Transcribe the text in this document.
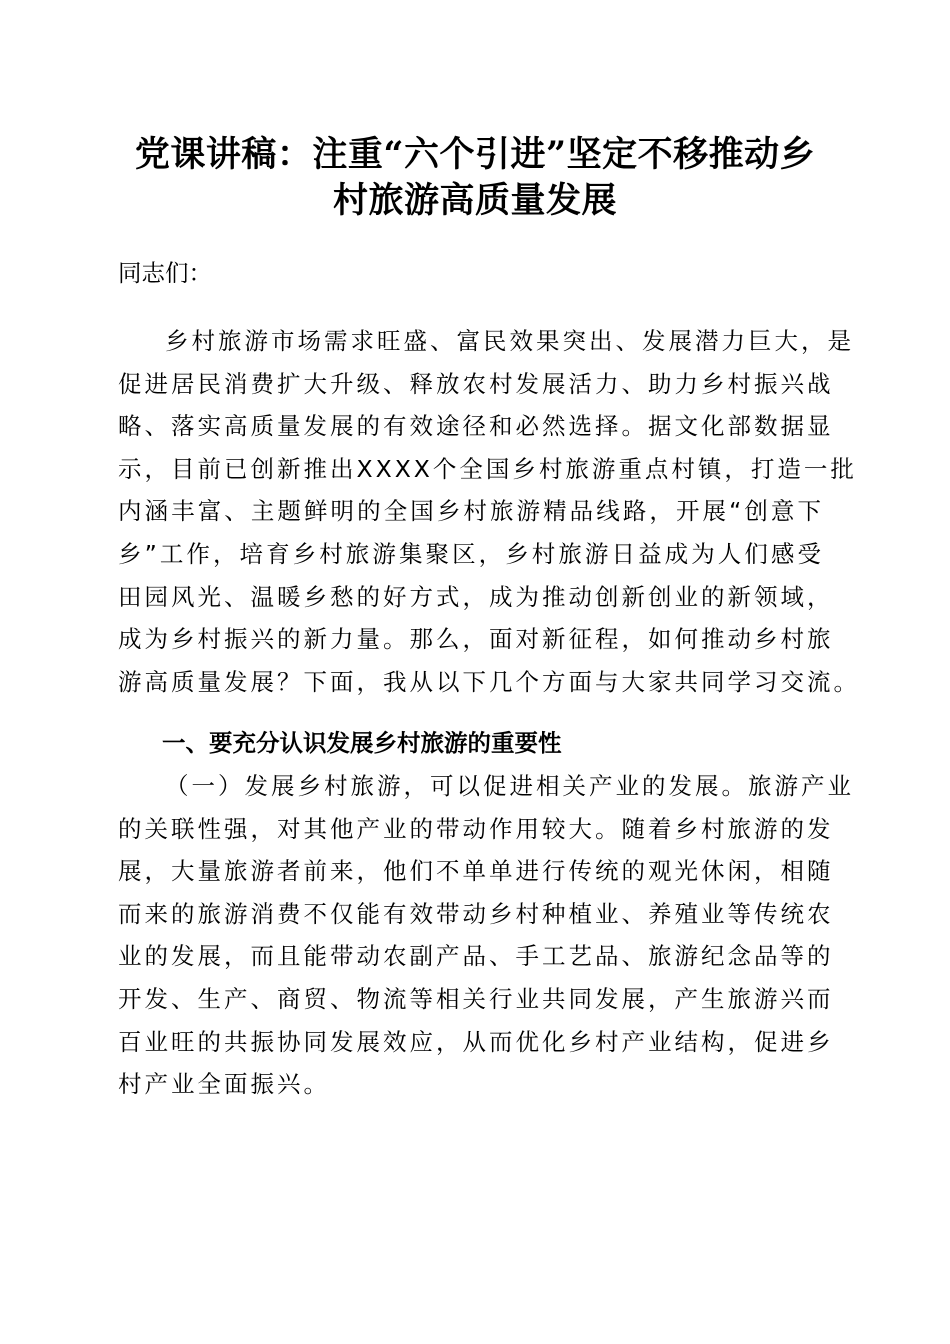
党课讲稿：注重“六个引进”坚定不移推动乡
村旅游高质量发展

同志们：

乡村旅游市场需求旺盛、富民效果突出、发展潜力巨大，是
促进居民消费扩大升级、释放农村发展活力、助力乡村振兴战
略、落实高质量发展的有效途径和必然选择。据文化部数据显
示，目前已创新推出XXXX个全国乡村旅游重点村镇，打造一批
内涵丰富、主题鲜明的全国乡村旅游精品线路，开展“创意下
乡”工作，培育乡村旅游集聚区，乡村旅游日益成为人们感受
田园风光、温暖乡愁的好方式，成为推动创新创业的新领域，
成为乡村振兴的新力量。那么，面对新征程，如何推动乡村旅
游高质量发展？下面，我从以下几个方面与大家共同学习交流。
一、要充分认识发展乡村旅游的重要性
（一）发展乡村旅游，可以促进相关产业的发展。旅游产业
的关联性强，对其他产业的带动作用较大。随着乡村旅游的发
展，大量旅游者前来，他们不单单进行传统的观光休闲，相随
而来的旅游消费不仅能有效带动乡村种植业、养殖业等传统农
业的发展，而且能带动农副产品、手工艺品、旅游纪念品等的
开发、生产、商贸、物流等相关行业共同发展，产生旅游兴而
百业旺的共振协同发展效应，从而优化乡村产业结构，促进乡
村产业全面振兴。
